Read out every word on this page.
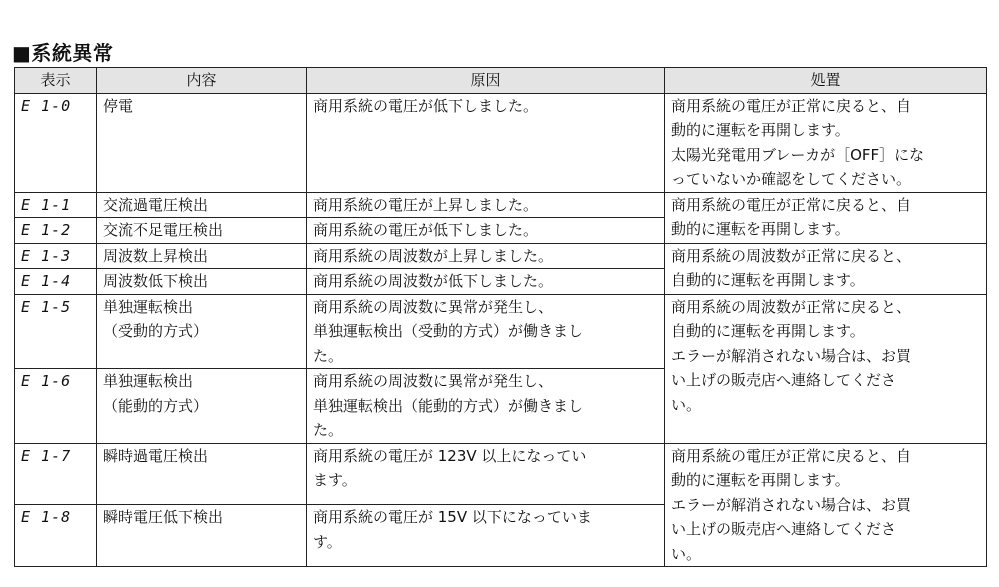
■系統異常
表示	内容	原因	処置
E 1-0	停電	商用系統の電圧が低下しました。	商用系統の電圧が正常に戻ると、自
動的に運転を再開します。
太陽光発電用ブレーカが［OFF］にな
っていないか確認をしてください。
E 1-1	交流過電圧検出	商用系統の電圧が上昇しました。	商用系統の電圧が正常に戻ると、自
動的に運転を再開します。
E 1-2	交流不足電圧検出	商用系統の電圧が低下しました。	
E 1-3	周波数上昇検出	商用系統の周波数が上昇しました。	商用系統の周波数が正常に戻ると、
自動的に運転を再開します。
E 1-4	周波数低下検出	商用系統の周波数が低下しました。	
E 1-5	単独運転検出
（受動的方式）	商用系統の周波数に異常が発生し、
単独運転検出（受動的方式）が働きまし
た。	商用系統の周波数が正常に戻ると、
自動的に運転を再開します。
エラーが解消されない場合は、お買
い上げの販売店へ連絡してくださ
い。
E 1-6	単独運転検出
（能動的方式）	商用系統の周波数に異常が発生し、
単独運転検出（能動的方式）が働きまし
た。	
E 1-7	瞬時過電圧検出	商用系統の電圧が 123V 以上になってい
ます。	商用系統の電圧が正常に戻ると、自
動的に運転を再開します。
エラーが解消されない場合は、お買
い上げの販売店へ連絡してくださ
い。
E 1-8	瞬時電圧低下検出	商用系統の電圧が 15V 以下になっていま
す。	
